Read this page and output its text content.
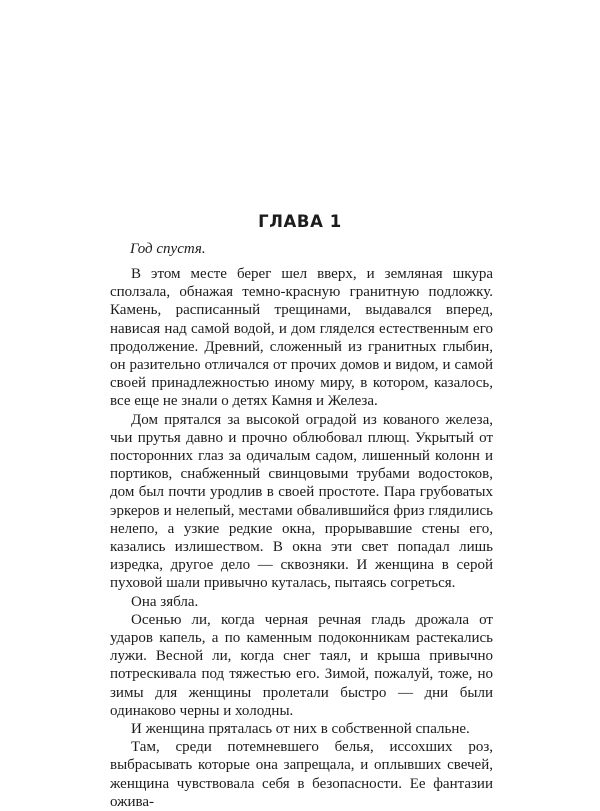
ГЛАВА 1

Год спустя.

В этом месте берег шел вверх, и земляная шкура сползала, обнажая темно-красную гранитную подложку. Камень, расписанный трещинами, выдавался вперед, нависая над самой водой, и дом гляделся естественным его продолжение. Древний, сложенный из гранитных глыбин, он разительно отличался от прочих домов и видом, и самой своей принадлежностью иному миру, в котором, казалось, все еще не знали о детях Камня и Железа.

Дом прятался за высокой оградой из кованого железа, чьи прутья давно и прочно облюбовал плющ. Укрытый от посторонних глаз за одичалым садом, лишенный колонн и портиков, снабженный свинцовыми трубами водостоков, дом был почти уродлив в своей простоте. Пара грубоватых эркеров и нелепый, местами обвалившийся фриз глядились нелепо, а узкие редкие окна, прорывавшие стены его, казались излишеством. В окна эти свет попадал лишь изредка, другое дело — сквозняки. И женщина в серой пуховой шали привычно куталась, пытаясь согреться.

Она зябла.

Осенью ли, когда черная речная гладь дрожала от ударов капель, а по каменным подоконникам растекались лужи. Весной ли, когда снег таял, и крыша привычно потрескивала под тяжестью его. Зимой, пожалуй, тоже, но зимы для женщины пролетали быстро — дни были одинаково черны и холодны.

И женщина пряталась от них в собственной спальне.

Там, среди потемневшего белья, иссохших роз, выбрасывать которые она запрещала, и оплывших свечей, женщина чувствовала себя в безопасности. Ее фантазии ожива-
